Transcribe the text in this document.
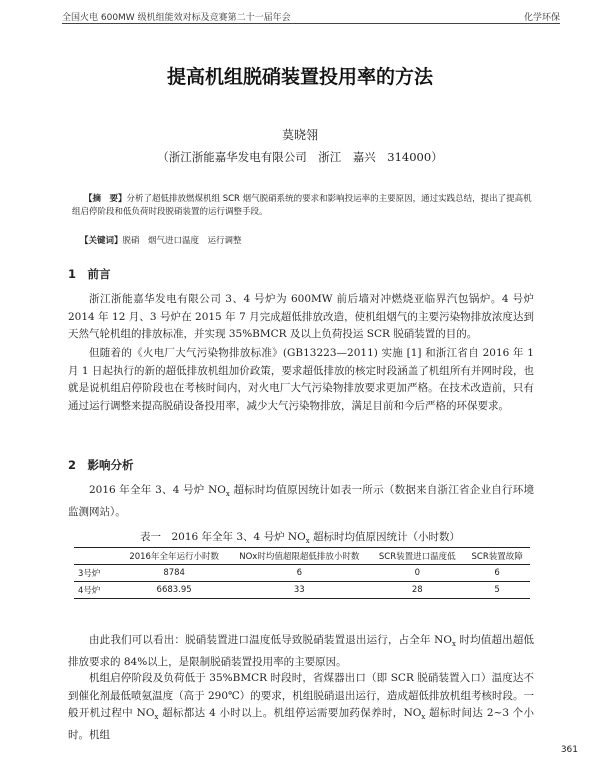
全国火电 600MW 级机组能效对标及竞赛第二十一届年会	化学环保
提高机组脱硝装置投用率的方法
莫晓翎
（浙江浙能嘉华发电有限公司　浙江　嘉兴　314000）
【摘　要】分析了超低排放燃煤机组 SCR 烟气脱硝系统的要求和影响投运率的主要原因，通过实践总结，提出了提高机组启停阶段和低负荷时段脱硝装置的运行调整手段。
【关键词】脱硝　烟气进口温度　运行调整
1　前言
浙江浙能嘉华发电有限公司 3、4 号炉为 600MW 前后墙对冲燃烧亚临界汽包锅炉。4 号炉 2014 年 12 月、3 号炉在 2015 年 7 月完成超低排放改造，使机组烟气的主要污染物排放浓度达到天然气轮机组的排放标准，并实现 35%BMCR 及以上负荷投运 SCR 脱硝装置的目的。
但随着的《火电厂大气污染物排放标准》(GB13223—2011) 实施 [1] 和浙江省自 2016 年 1 月 1 日起执行的新的超低排放机组加价政策，要求超低排放的核定时段涵盖了机组所有并网时段，也就是说机组启停阶段也在考核时间内，对火电厂大气污染物排放要求更加严格。在技术改造前，只有通过运行调整来提高脱硝设备投用率，减少大气污染物排放，满足目前和今后严格的环保要求。
2　影响分析
2016 年全年 3、4 号炉 $NO_x$ 超标时均值原因统计如表一所示（数据来自浙江省企业自行环境监测网站）。
表一　2016 年全年 3、4 号炉 $NO_x$ 超标时均值原因统计（小时数）
	2016年全年运行小时数	NOx时均值超限超低排放小时数	SCR装置进口温度低	SCR装置故障
3号炉	8784	6	0	6
4号炉	6683.95	33	28	5
由此我们可以看出：脱硝装置进口温度低导致脱硝装置退出运行，占全年 $NO_x$ 时均值超出超低排放要求的 84%以上，是限制脱硝装置投用率的主要原因。
机组启停阶段及负荷低于 35%BMCR 时段时，省煤器出口（即 SCR 脱硝装置入口）温度达不到催化剂最低喷氨温度（高于 290℃）的要求，机组脱硝退出运行，造成超低排放机组考核时段。一般开机过程中 $NO_x$ 超标都达 4 小时以上。机组停运需要加药保养时，$NO_x$ 超标时间达 2~3 个小时。机组
361
